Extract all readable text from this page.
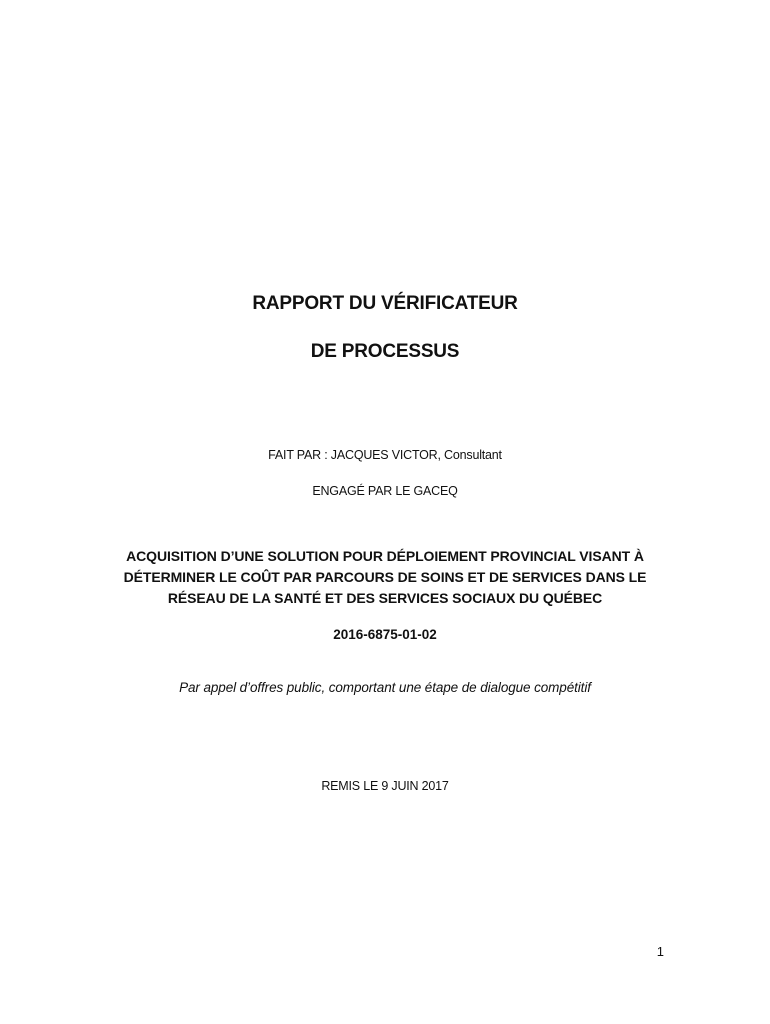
RAPPORT DU VÉRIFICATEUR
DE PROCESSUS
FAIT PAR : JACQUES VICTOR, Consultant
ENGAGÉ PAR LE GACEQ
ACQUISITION D’UNE SOLUTION POUR DÉPLOIEMENT PROVINCIAL VISANT À
DÉTERMINER LE COÛT PAR PARCOURS DE SOINS ET DE SERVICES DANS LE
RÉSEAU DE LA SANTÉ ET DES SERVICES SOCIAUX DU QUÉBEC
2016-6875-01-02
Par appel d’offres public, comportant une étape de dialogue compétitif
REMIS LE 9 JUIN 2017
1
